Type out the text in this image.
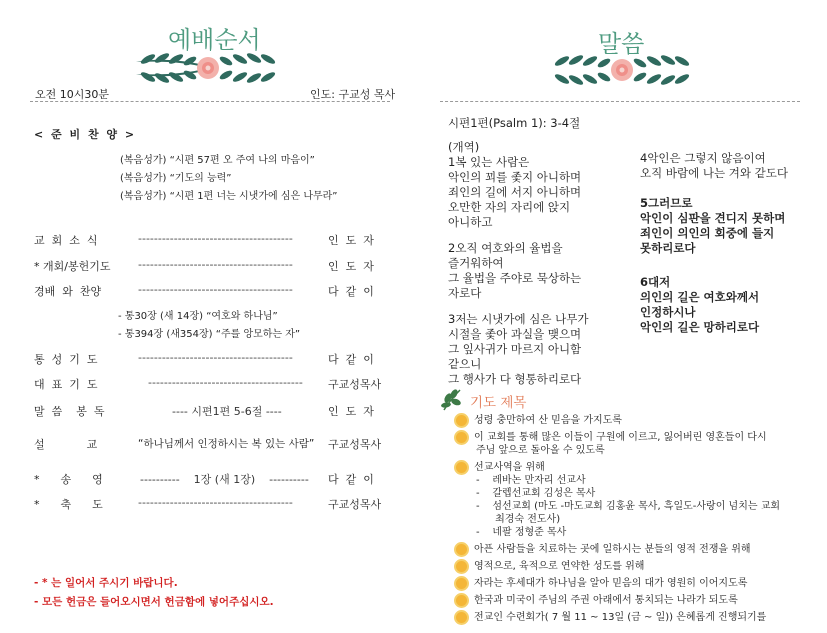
예배순서
오전 10시30분	인도: 구교성 목사
< 준 비 찬 양 >
(복음성가) “시편 57편 오 주여 나의 마음이”
(복음성가) “기도의 능력”
(복음성가) “시편 1편 너는 시냇가에 심은 나무라”
교  회  소  식	---------------------------------------	인  도  자
* 개회/봉헌기도	---------------------------------------	인  도  자
경배  와  찬양	---------------------------------------	다  같  이
- 통30장 (새 14장) “여호와 하나님”
- 통394장 (새354장) “주를 앙모하는 자”
통  성  기  도	---------------------------------------	다  같  이
대  표  기  도	--------------------------------------- 구교성목사
말  씀    봉  독	---- 시편1편 5-6절 ----	인  도  자
설            교	“하나님께서 인정하시는 복 있는 사람” 구교성목사
*      송      영	----------    1장 (새 1장)    ---------- 다  같  이
*      축      도	---------------------------------------	구교성목사
- * 는 일어서 주시기 바랍니다.
- 모든 헌금은 들어오시면서 헌금함에 넣어주십시오.
말씀
시편1편(Psalm 1): 3-4절
(개역)
1복 있는 사람은
악인의 꾀를 좇지 아니하며
죄인의 길에 서지 아니하며
오만한 자의 자리에 앉지
아니하고

2오직 여호와의 율법을
즐거워하여
그 율법을 주야로 묵상하는
자로다

3저는 시냇가에 심은 나무가
시절을 좇아 과실을 맺으며
그 잎사귀가 마르지 아니함
같으니
그 행사가 다 형통하리로다
4악인은 그렇지 않음이여
오직 바람에 나는 겨와 같도다
5그러므로
악인이 심판을 견디지 못하며
죄인이 의인의 회중에 들지
못하리로다
6대저
의인의 길은 여호와께서
인정하시나
악인의 길은 망하리로다
기도 제목
성령 충만하여 산 믿음을 가지도록
이 교회를 통해 많은 이들이 구원에 이르고, 잃어버린 영혼들이 다시
주님 앞으로 돌아올 수 있도록
선교사역을 위해
-    레바논 만자리 선교사
-    갈렙선교회 김성은 목사
-    섬선교회 (마도 -마도교회 김홍윤 목사, 흑일도-사랑이 넘치는 교회
최경숙 전도사)
-    네팔 정형준 목사
아픈 사람들을 치료하는 곳에 일하시는 분들의 영적 전쟁을 위해
영적으로, 육적으로 연약한 성도를 위해
자라는 후세대가 하나님을 알아 믿음의 대가 영원히 이어지도록
한국과 미국이 주님의 주권 아래에서 통치되는 나라가 되도록
전교인 수련회가( 7 월 11 ~ 13일 (금 ~ 일)) 은혜롭게 진행되기를
